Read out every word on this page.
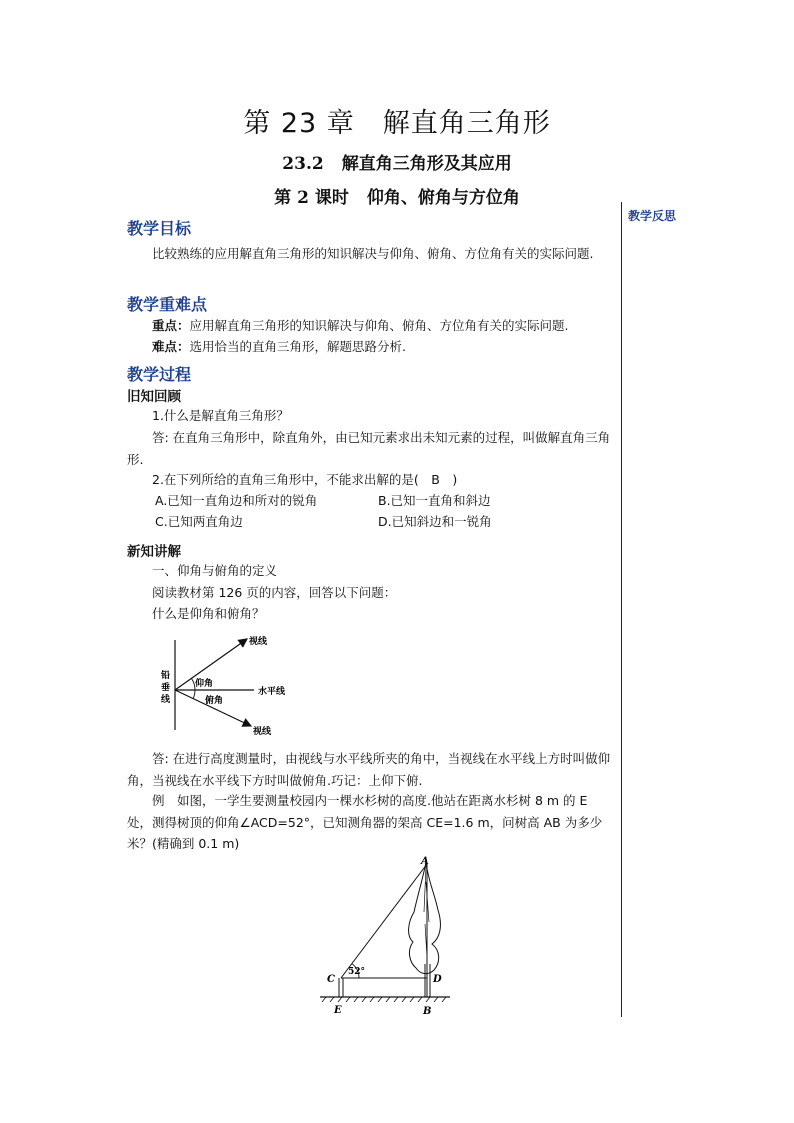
第 23 章 解直角三角形
23.2 解直角三角形及其应用
第 2 课时 仰角、俯角与方位角
教学反思
教学目标

比较熟练的应用解直角三角形的知识解决与仰角、俯角、方位角有关的实际问题.

教学重难点

重点：应用解直角三角形的知识解决与仰角、俯角、方位角有关的实际问题.

难点：选用恰当的直角三角形，解题思路分析.

教学过程
旧知回顾

1.什么是解直角三角形？

答: 在直角三角形中，除直角外，由已知元素求出未知元素的过程，叫做解直角三角形.

2.在下列所给的直角三角形中，不能求出解的是(　B　)

A.已知一直角边和所对的锐角	B.已知一直角和斜边
C.已知两直角边	D.已知斜边和一锐角
新知讲解

一、仰角与俯角的定义

阅读教材第 126 页的内容，回答以下问题：

什么是仰角和俯角？

视线
仰角
水平线
俯角
视线
铅
垂
线

答: 在进行高度测量时，由视线与水平线所夹的角中，当视线在水平线上方时叫做仰角，当视线在水平线下方时叫做俯角.巧记：上仰下俯.

例　如图，一学生要测量校园内一棵水杉树的高度.他站在距离水杉树 8 m 的 E 处，测得树顶的仰角∠ACD=52°，已知测角器的架高 CE=1.6 m，问树高 AB 为多少米？(精确到 0.1 m)

52°
A
C	D
E	B
